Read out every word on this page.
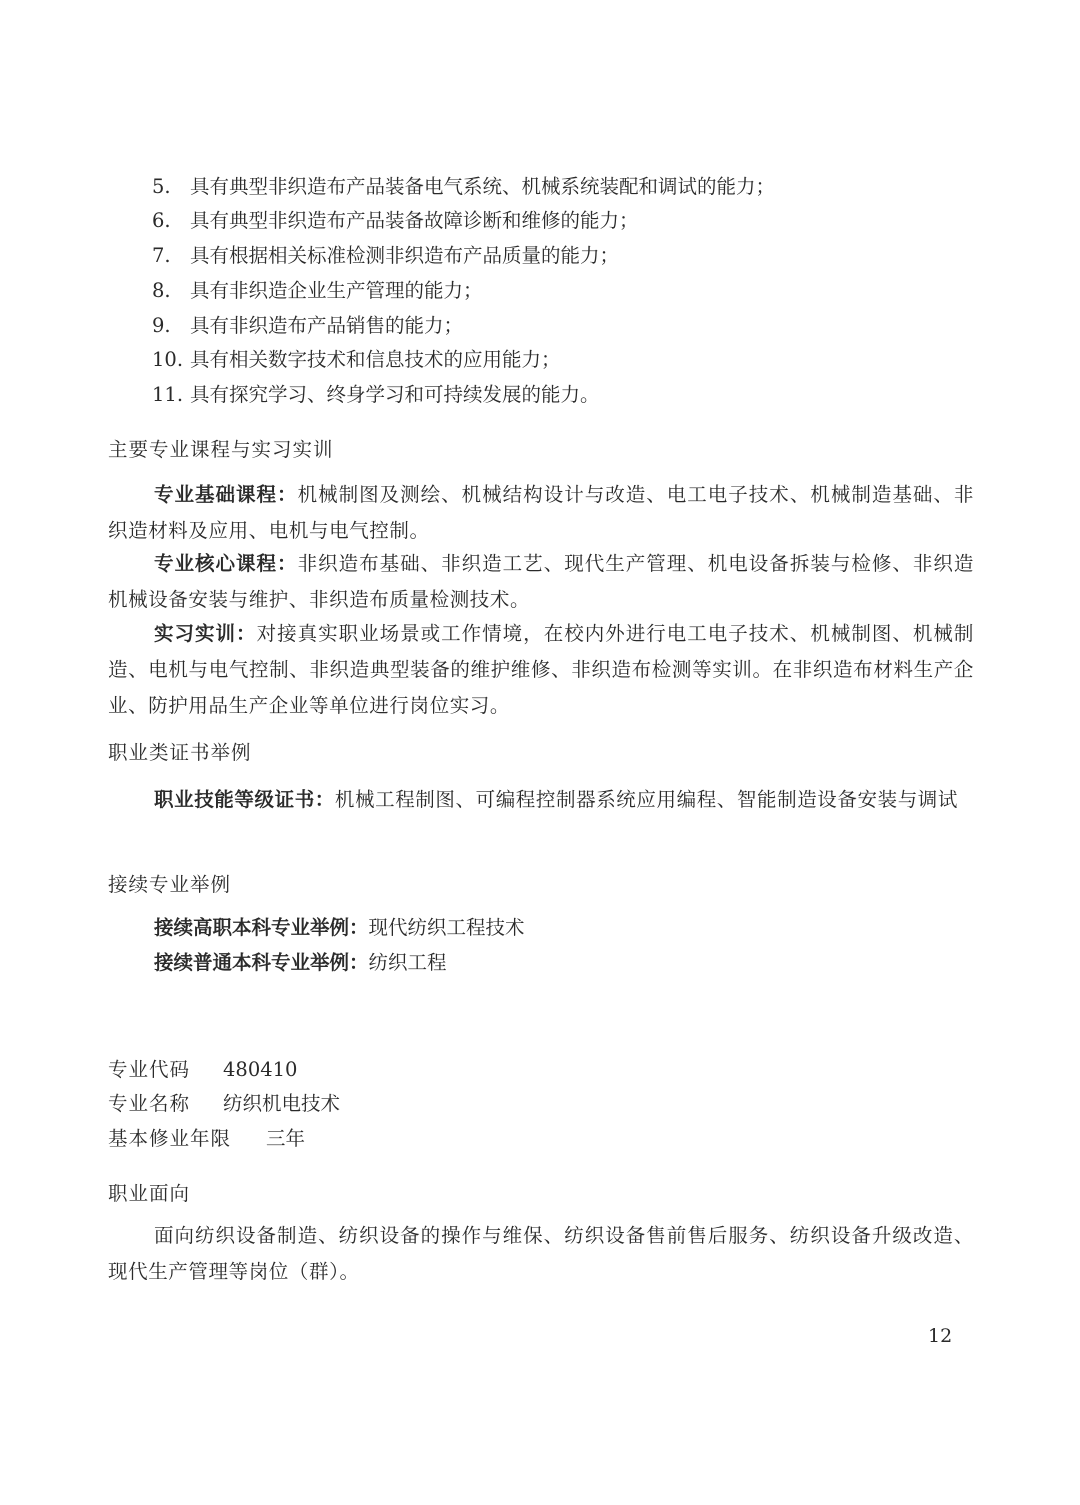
5. 具有典型非织造布产品装备电气系统、机械系统装配和调试的能力；
6. 具有典型非织造布产品装备故障诊断和维修的能力；
7. 具有根据相关标准检测非织造布产品质量的能力；
8. 具有非织造企业生产管理的能力；
9. 具有非织造布产品销售的能力；
10. 具有相关数字技术和信息技术的应用能力；
11. 具有探究学习、终身学习和可持续发展的能力。
主要专业课程与实习实训
专业基础课程：机械制图及测绘、机械结构设计与改造、电工电子技术、机械制造基础、非织造材料及应用、电机与电气控制。
专业核心课程：非织造布基础、非织造工艺、现代生产管理、机电设备拆装与检修、非织造机械设备安装与维护、非织造布质量检测技术。
实习实训：对接真实职业场景或工作情境，在校内外进行电工电子技术、机械制图、机械制造、电机与电气控制、非织造典型装备的维护维修、非织造布检测等实训。在非织造布材料生产企业、防护用品生产企业等单位进行岗位实习。
职业类证书举例
职业技能等级证书：机械工程制图、可编程控制器系统应用编程、智能制造设备安装与调试
接续专业举例
接续高职本科专业举例：现代纺织工程技术
接续普通本科专业举例：纺织工程
专业代码 480410
专业名称 纺织机电技术
基本修业年限 三年
职业面向
面向纺织设备制造、纺织设备的操作与维保、纺织设备售前售后服务、纺织设备升级改造、现代生产管理等岗位（群）。
12
